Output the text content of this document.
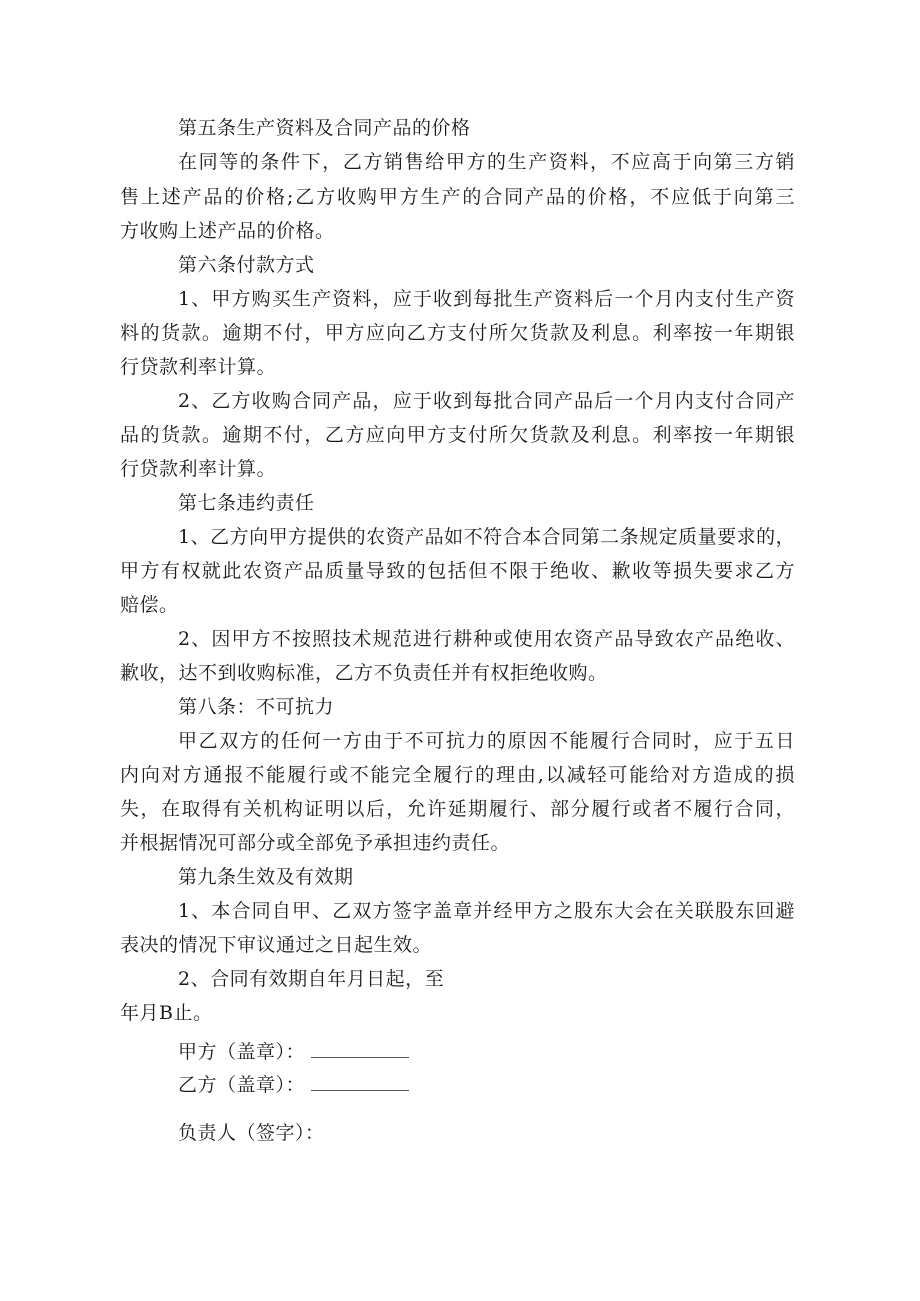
第五条生产资料及合同产品的价格
在同等的条件下，乙方销售给甲方的生产资料，不应高于向第三方销
售上述产品的价格;乙方收购甲方生产的合同产品的价格，不应低于向第三
方收购上述产品的价格。
第六条付款方式
1、甲方购买生产资料，应于收到每批生产资料后一个月内支付生产资
料的货款。逾期不付，甲方应向乙方支付所欠货款及利息。利率按一年期银
行贷款利率计算。
2、乙方收购合同产品，应于收到每批合同产品后一个月内支付合同产
品的货款。逾期不付，乙方应向甲方支付所欠货款及利息。利率按一年期银
行贷款利率计算。
第七条违约责任
1、乙方向甲方提供的农资产品如不符合本合同第二条规定质量要求的，
甲方有权就此农资产品质量导致的包括但不限于绝收、歉收等损失要求乙方
赔偿。
2、因甲方不按照技术规范进行耕种或使用农资产品导致农产品绝收、
歉收，达不到收购标准，乙方不负责任并有权拒绝收购。
第八条：不可抗力
甲乙双方的任何一方由于不可抗力的原因不能履行合同时，应于五日
内向对方通报不能履行或不能完全履行的理由,以减轻可能给对方造成的损
失，在取得有关机构证明以后，允许延期履行、部分履行或者不履行合同，
并根据情况可部分或全部免予承担违约责任。
第九条生效及有效期
1、本合同自甲、乙双方签字盖章并经甲方之股东大会在关联股东回避
表决的情况下审议通过之日起生效。
2、合同有效期自年月日起，至
年月B止。
甲方（盖章）：
乙方（盖章）：
负责人（签字）：
